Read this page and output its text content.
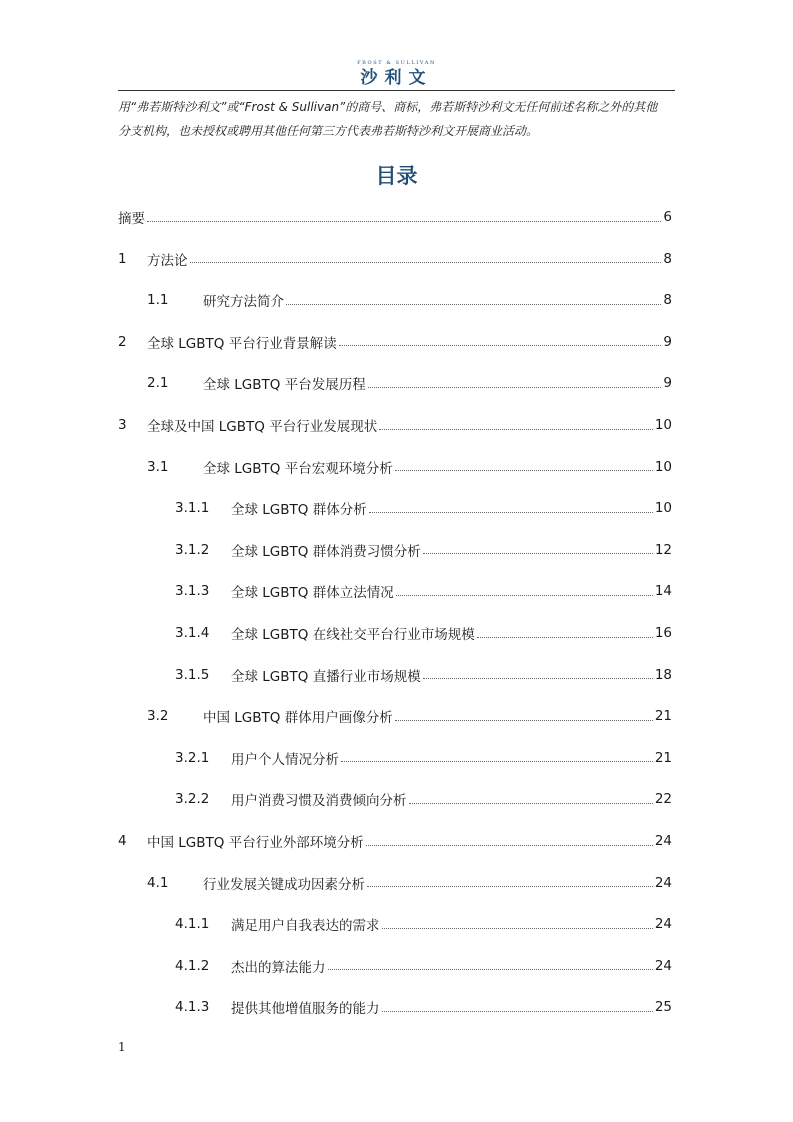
FROST & SULLIVAN
沙利文
用“弗若斯特沙利文”或“Frost & Sullivan”的商号、商标，弗若斯特沙利文无任何前述名称之外的其他
分支机构，也未授权或聘用其他任何第三方代表弗若斯特沙利文开展商业活动。
目录
摘要	6
1	方法论	8
1.1	研究方法简介	8
2	全球 LGBTQ 平台行业背景解读	9
2.1	全球 LGBTQ 平台发展历程	9
3	全球及中国 LGBTQ 平台行业发展现状	10
3.1	全球 LGBTQ 平台宏观环境分析	10
3.1.1	全球 LGBTQ 群体分析	10
3.1.2	全球 LGBTQ 群体消费习惯分析	12
3.1.3	全球 LGBTQ 群体立法情况	14
3.1.4	全球 LGBTQ 在线社交平台行业市场规模	16
3.1.5	全球 LGBTQ 直播行业市场规模	18
3.2	中国 LGBTQ 群体用户画像分析	21
3.2.1	用户个人情况分析	21
3.2.2	用户消费习惯及消费倾向分析	22
4	中国 LGBTQ 平台行业外部环境分析	24
4.1	行业发展关键成功因素分析	24
4.1.1	满足用户自我表达的需求	24
4.1.2	杰出的算法能力	24
4.1.3	提供其他增值服务的能力	25
1
